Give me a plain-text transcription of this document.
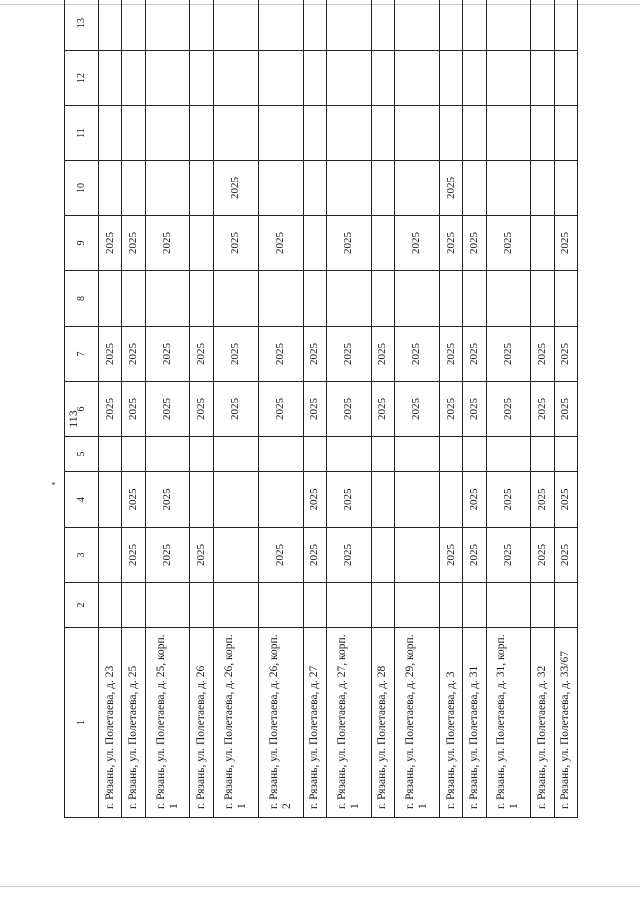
113
1	2	3	4	5	6	7	8	9	10	11	12	13
г. Рязань, ул. Полетаева, д. 23					2025	2025		2025				
г. Рязань, ул. Полетаева, д. 25		2025	2025		2025	2025		2025				
г. Рязань, ул. Полетаева, д. 25, корп. 1		2025	2025		2025	2025		2025				
г. Рязань, ул. Полетаева, д. 26		2025			2025	2025						
г. Рязань, ул. Полетаева, д. 26, корп. 1					2025	2025		2025	2025			
г. Рязань, ул. Полетаева, д. 26, корп. 2		2025			2025	2025		2025				
г. Рязань, ул. Полетаева, д. 27		2025	2025		2025	2025						
г. Рязань, ул. Полетаева, д. 27, корп. 1		2025	2025		2025	2025		2025				
г. Рязань, ул. Полетаева, д. 28					2025	2025						
г. Рязань, ул. Полетаева, д. 29, корп. 1					2025	2025		2025				
г. Рязань, ул. Полетаева, д. 3		2025			2025	2025		2025	2025			
г. Рязань, ул. Полетаева, д. 31		2025	2025		2025	2025		2025				
г. Рязань, ул. Полетаева, д. 31, корп. 1		2025	2025		2025	2025		2025				
г. Рязань, ул. Полетаева, д. 32		2025	2025		2025	2025						
г. Рязань, ул. Полетаева, д. 33/67		2025	2025		2025	2025		2025				
